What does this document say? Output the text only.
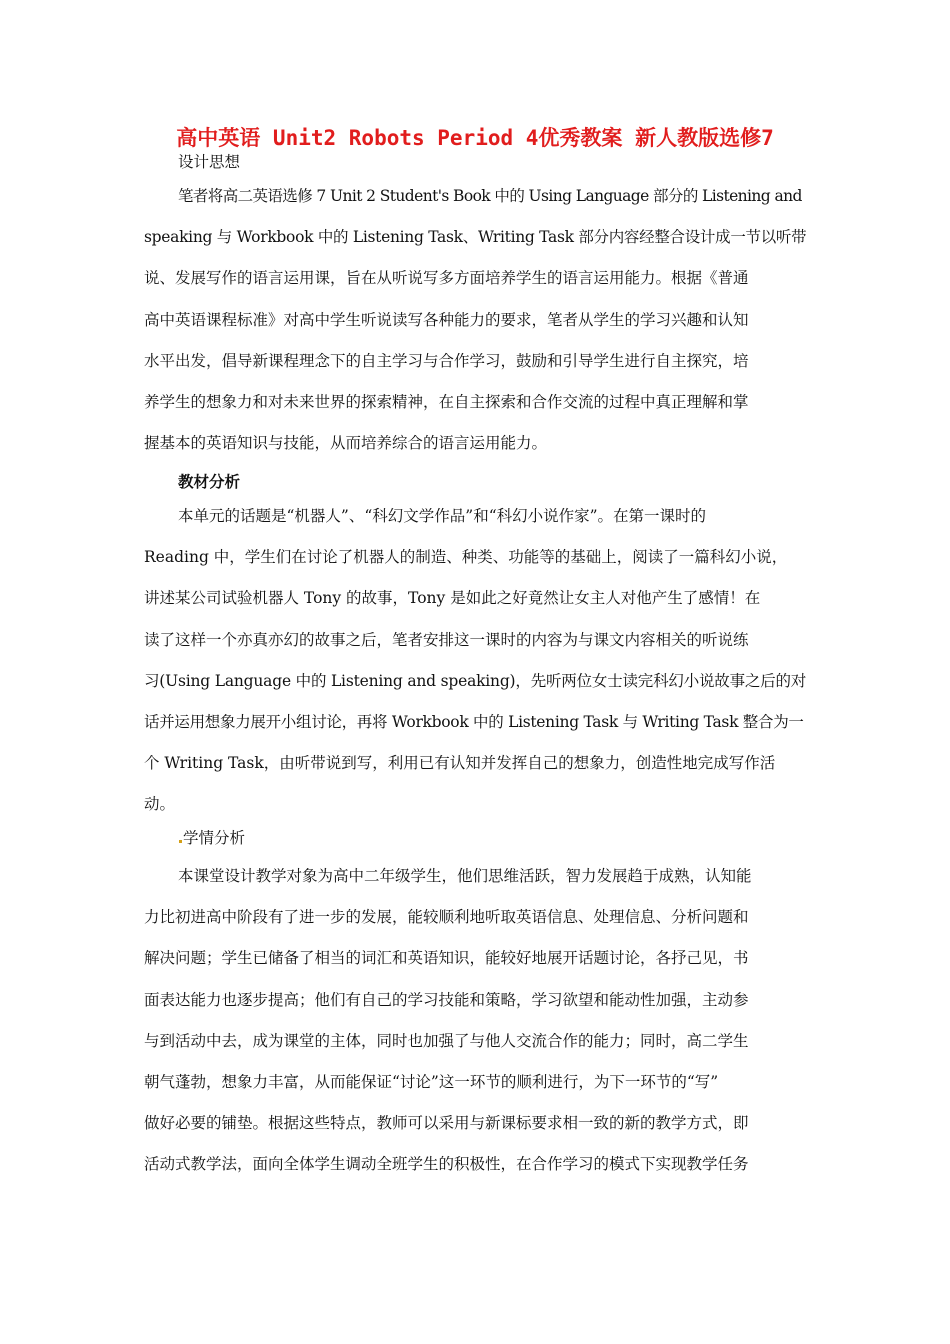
高中英语 Unit2 Robots Period 4优秀教案 新人教版选修7
设计思想
笔者将高二英语选修 7 Unit 2 Student's Book 中的 Using Language 部分的 Listening and
speaking 与 Workbook 中的 Listening Task、Writing Task 部分内容经整合设计成一节以听带
说、发展写作的语言运用课，旨在从听说写多方面培养学生的语言运用能力。根据《普通
高中英语课程标准》对高中学生听说读写各种能力的要求，笔者从学生的学习兴趣和认知
水平出发，倡导新课程理念下的自主学习与合作学习，鼓励和引导学生进行自主探究，培
养学生的想象力和对未来世界的探索精神，在自主探索和合作交流的过程中真正理解和掌
握基本的英语知识与技能，从而培养综合的语言运用能力。
教材分析
本单元的话题是“机器人”、“科幻文学作品”和“科幻小说作家”。在第一课时的
Reading 中，学生们在讨论了机器人的制造、种类、功能等的基础上，阅读了一篇科幻小说，
讲述某公司试验机器人 Tony 的故事，Tony 是如此之好竟然让女主人对他产生了感情！在
读了这样一个亦真亦幻的故事之后，笔者安排这一课时的内容为与课文内容相关的听说练
习(Using Language 中的 Listening and speaking)，先听两位女士读完科幻小说故事之后的对
话并运用想象力展开小组讨论，再将 Workbook 中的 Listening Task 与 Writing Task 整合为一
个 Writing Task，由听带说到写，利用已有认知并发挥自己的想象力，创造性地完成写作活
动。
学情分析
本课堂设计教学对象为高中二年级学生，他们思维活跃，智力发展趋于成熟，认知能
力比初进高中阶段有了进一步的发展，能较顺利地听取英语信息、处理信息、分析问题和
解决问题；学生已储备了相当的词汇和英语知识，能较好地展开话题讨论，各抒己见，书
面表达能力也逐步提高；他们有自己的学习技能和策略，学习欲望和能动性加强，主动参
与到活动中去，成为课堂的主体，同时也加强了与他人交流合作的能力；同时，高二学生
朝气蓬勃，想象力丰富，从而能保证“讨论”这一环节的顺利进行，为下一环节的“写”
做好必要的铺垫。根据这些特点，教师可以采用与新课标要求相一致的新的教学方式，即
活动式教学法，面向全体学生调动全班学生的积极性，在合作学习的模式下实现教学任务
